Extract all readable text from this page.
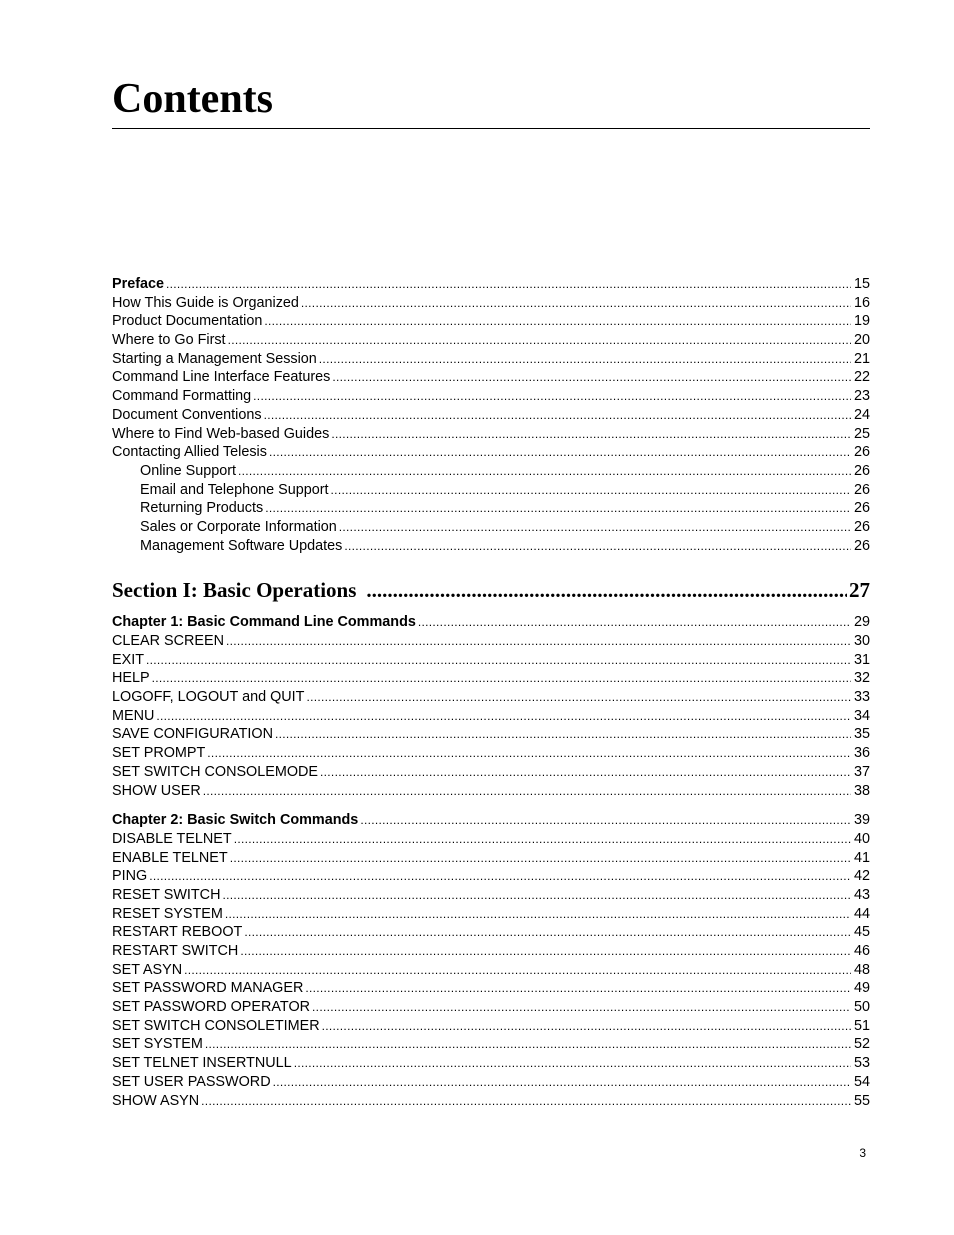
Contents
Preface .....	15
How This Guide is Organized .....	16
Product Documentation .....	19
Where to Go First .....	20
Starting a Management Session .....	21
Command Line Interface Features .....	22
Command Formatting .....	23
Document Conventions .....	24
Where to Find Web-based Guides .....	25
Contacting Allied Telesis .....	26
Online Support .....	26
Email and Telephone Support .....	26
Returning Products .....	26
Sales or Corporate Information .....	26
Management Software Updates .....	26
Section I: Basic Operations .....	27
Chapter 1: Basic Command Line Commands .....	29
CLEAR SCREEN .....	30
EXIT .....	31
HELP .....	32
LOGOFF, LOGOUT and QUIT .....	33
MENU .....	34
SAVE CONFIGURATION .....	35
SET PROMPT .....	36
SET SWITCH CONSOLEMODE .....	37
SHOW USER .....	38
Chapter 2: Basic Switch Commands .....	39
DISABLE TELNET .....	40
ENABLE TELNET .....	41
PING .....	42
RESET SWITCH .....	43
RESET SYSTEM .....	44
RESTART REBOOT .....	45
RESTART SWITCH .....	46
SET ASYN .....	48
SET PASSWORD MANAGER .....	49
SET PASSWORD OPERATOR .....	50
SET SWITCH CONSOLETIMER .....	51
SET SYSTEM .....	52
SET TELNET INSERTNULL .....	53
SET USER PASSWORD .....	54
SHOW ASYN .....	55
3
